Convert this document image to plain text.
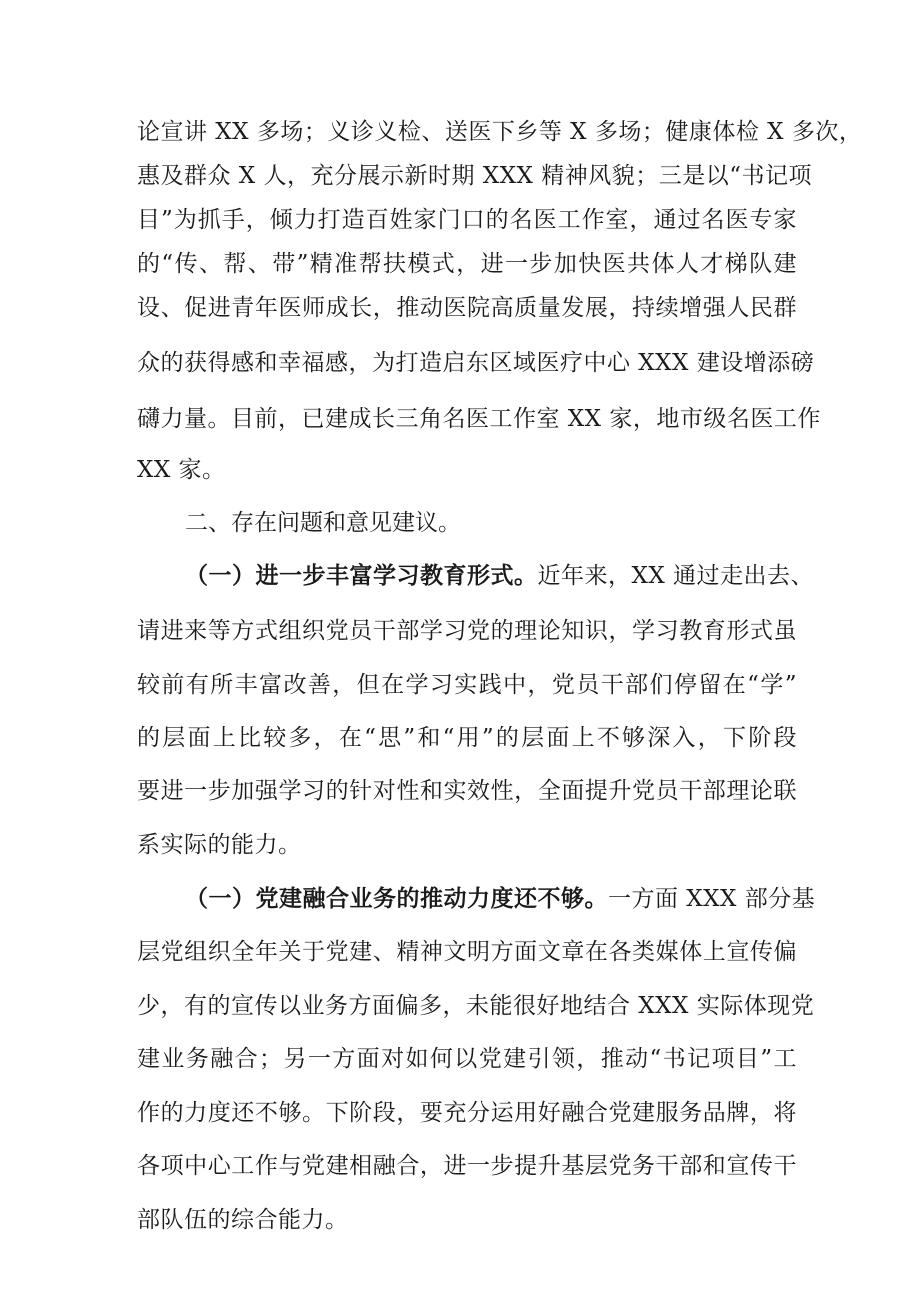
论宣讲 XX 多场；义诊义检、送医下乡等 X 多场；健康体检 X 多次，
惠及群众 X 人，充分展示新时期 XXX 精神风貌；三是以“书记项
目”为抓手，倾力打造百姓家门口的名医工作室，通过名医专家
的“传、帮、带”精准帮扶模式，进一步加快医共体人才梯队建
设、促进青年医师成长，推动医院高质量发展，持续增强人民群
众的获得感和幸福感，为打造启东区域医疗中心 XXX 建设增添磅
礴力量。目前，已建成长三角名医工作室 XX 家，地市级名医工作
XX 家。
二、存在问题和意见建议。
（一）进一步丰富学习教育形式。近年来，XX 通过走出去、
请进来等方式组织党员干部学习党的理论知识，学习教育形式虽
较前有所丰富改善，但在学习实践中，党员干部们停留在“学”
的层面上比较多，在“思”和“用”的层面上不够深入，下阶段
要进一步加强学习的针对性和实效性，全面提升党员干部理论联
系实际的能力。
（一）党建融合业务的推动力度还不够。一方面 XXX 部分基
层党组织全年关于党建、精神文明方面文章在各类媒体上宣传偏
少，有的宣传以业务方面偏多，未能很好地结合 XXX 实际体现党
建业务融合；另一方面对如何以党建引领，推动“书记项目”工
作的力度还不够。下阶段，要充分运用好融合党建服务品牌，将
各项中心工作与党建相融合，进一步提升基层党务干部和宣传干
部队伍的综合能力。
